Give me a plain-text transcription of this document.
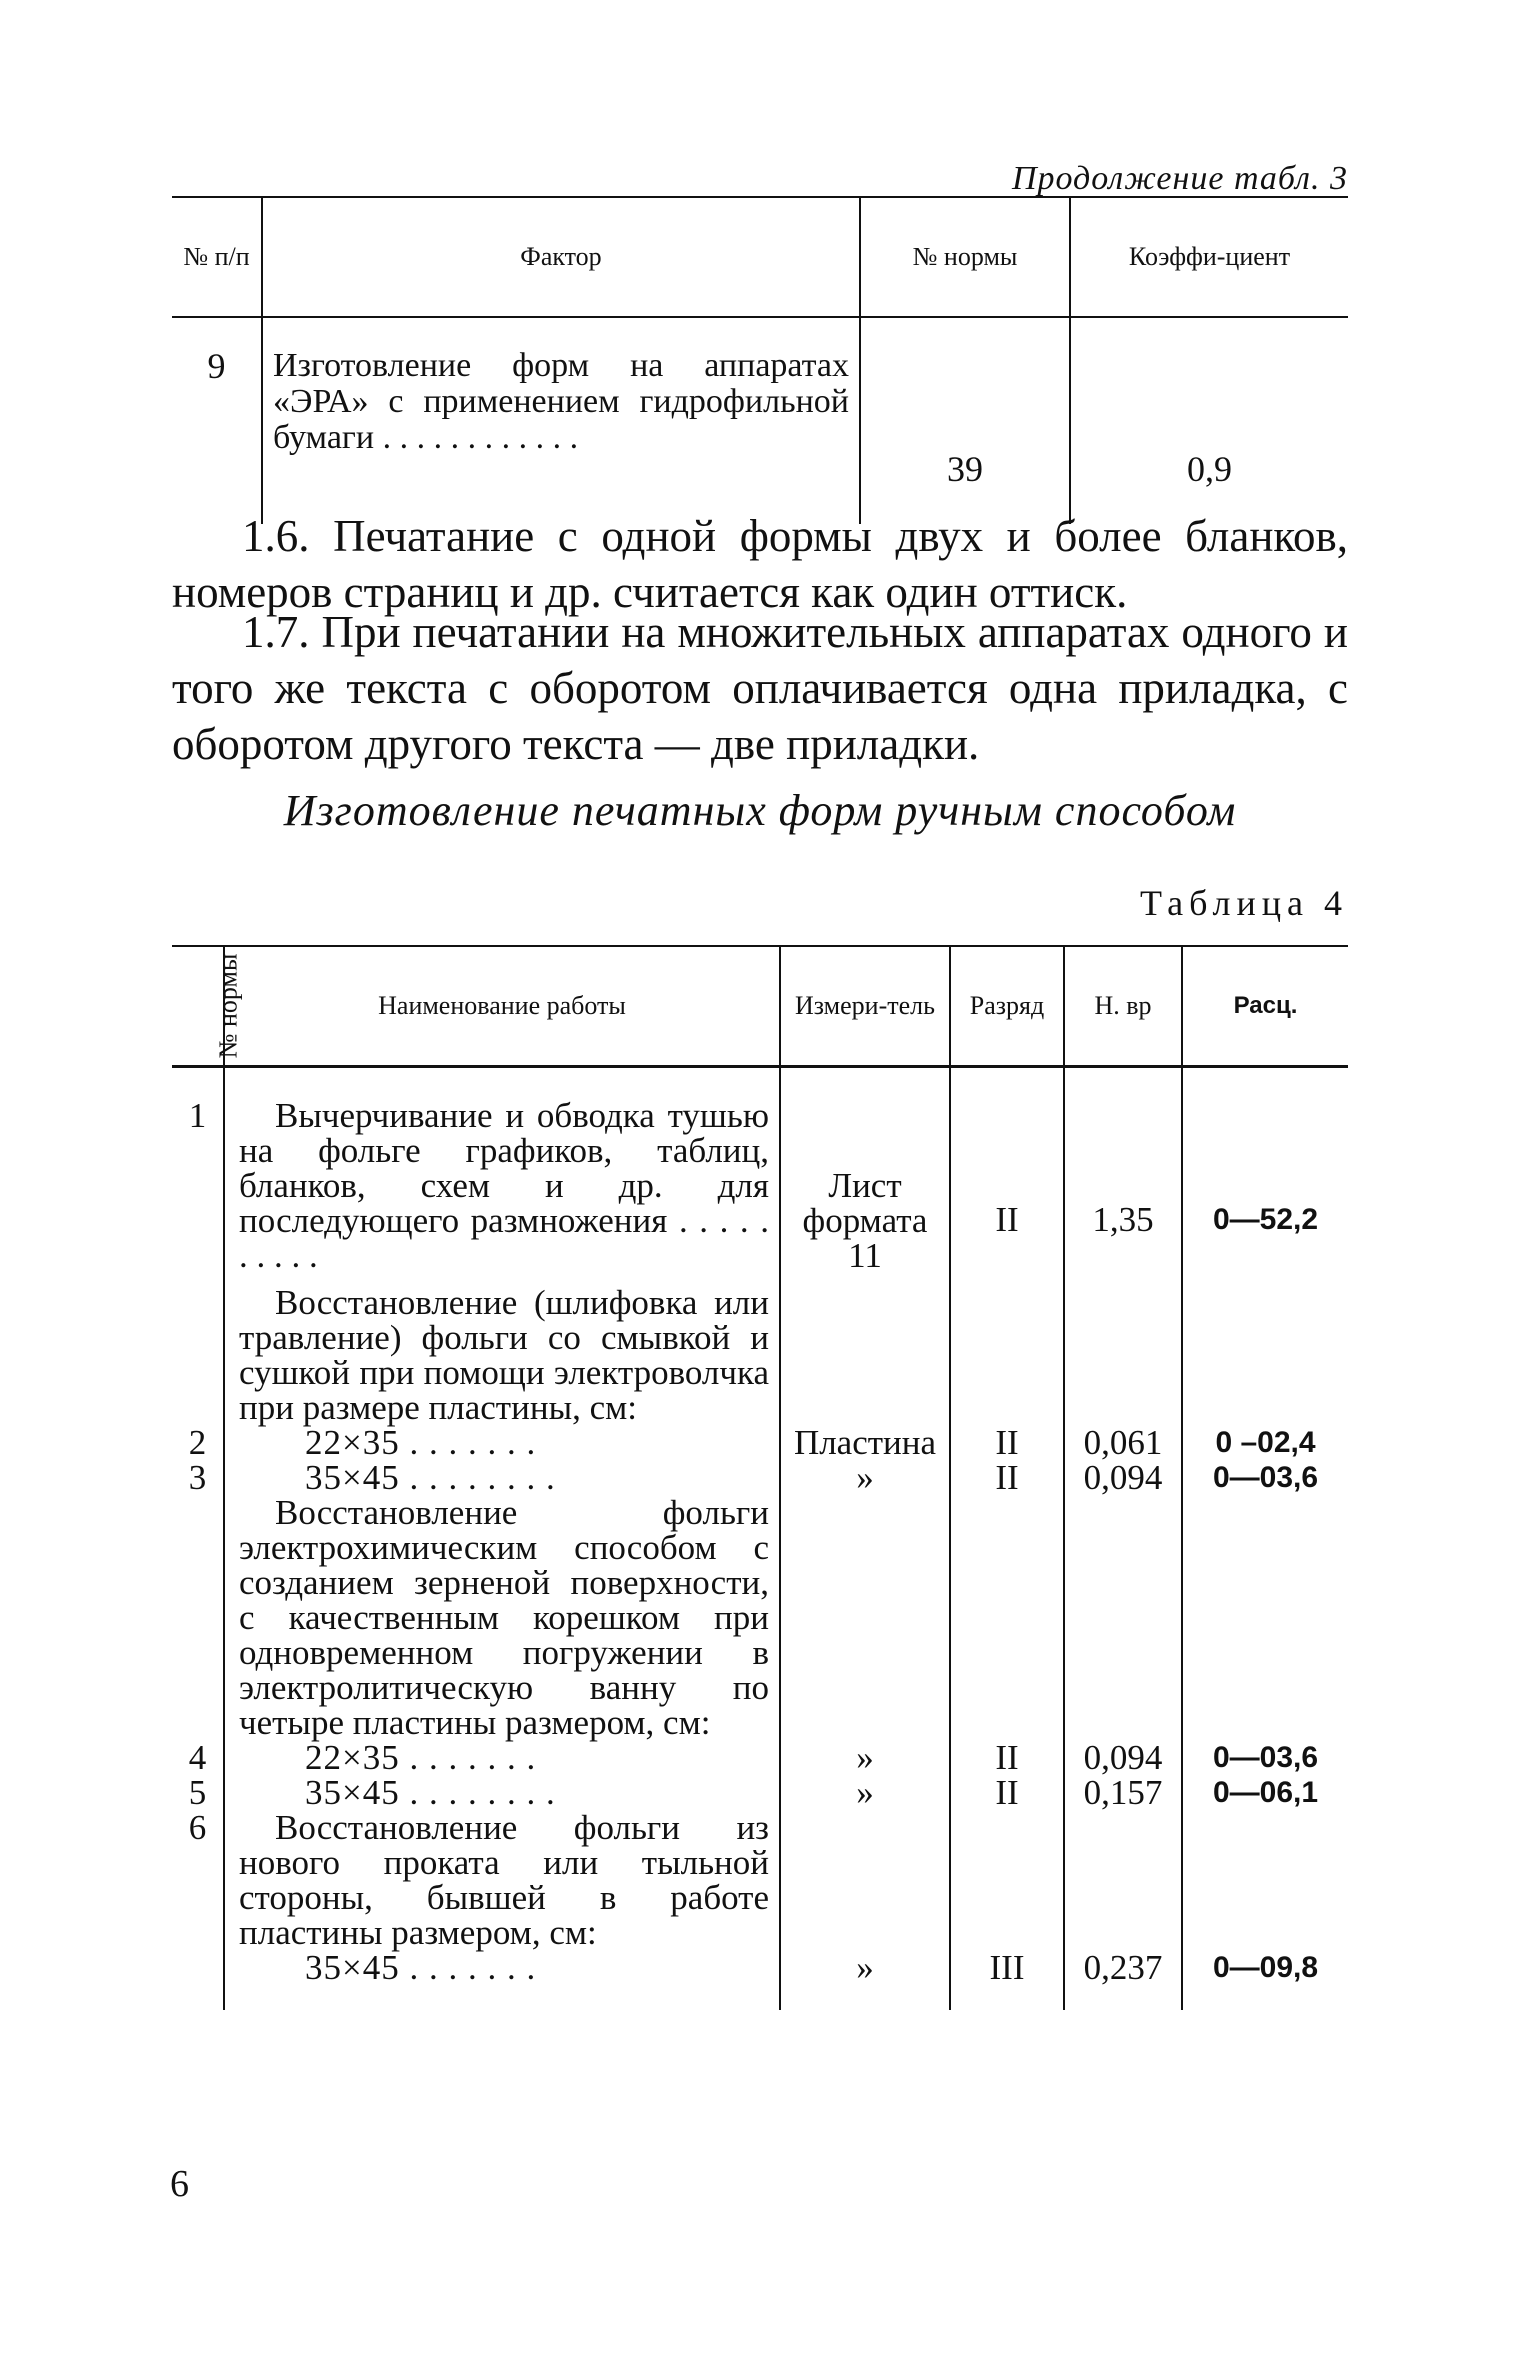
Продолжение табл. 3
№ п/п	Фактор	№ нормы	Коэффи-циент
9	Изготовление форм на аппаратах «ЭРА» с применением гидрофильной бумаги . . . . . . . . . . . .	39	0,9

1.6. Печатание с одной формы двух и более бланков, номеров страниц и др. считается как один оттиск.

1.7. При печатании на множительных аппаратах одного и того же текста с оборотом оплачивается одна приладка, с оборотом другого текста — две приладки.

Изготовление печатных форм ручным способом
Таблица 4
№ нормы	Наименование работы	Измери-тель	Разряд	Н. вр	Расц.

1	Вычерчивание и обводка тушью на фольге графиков, таблиц, бланков, схем и др. для последующего размножения . . . . . . . . . .	Лист формата 11	II	1,35	0—52,2
	Восстановление (шлифовка или травление) фольги со смывкой и сушкой при помощи электроволчка при размере пластины, см:				
2	22×35 . . . . . . .	Пластина	II	0,061	0 –02,4
3	35×45 . . . . . . . .	»	II	0,094	0—03,6
	Восстановление фольги электрохимическим способом с созданием зерненой поверхности, с качественным корешком при одновременном погружении в электролитическую ванну по четыре пластины размером, см:				
4	22×35 . . . . . . .	»	II	0,094	0—03,6
5	35×45 . . . . . . . .	»	II	0,157	0—06,1
6	Восстановление фольги из нового проката или тыльной стороны, бывшей в работе пластины размером, см:				
	35×45 . . . . . . .	»	III	0,237	0—09,8
6
